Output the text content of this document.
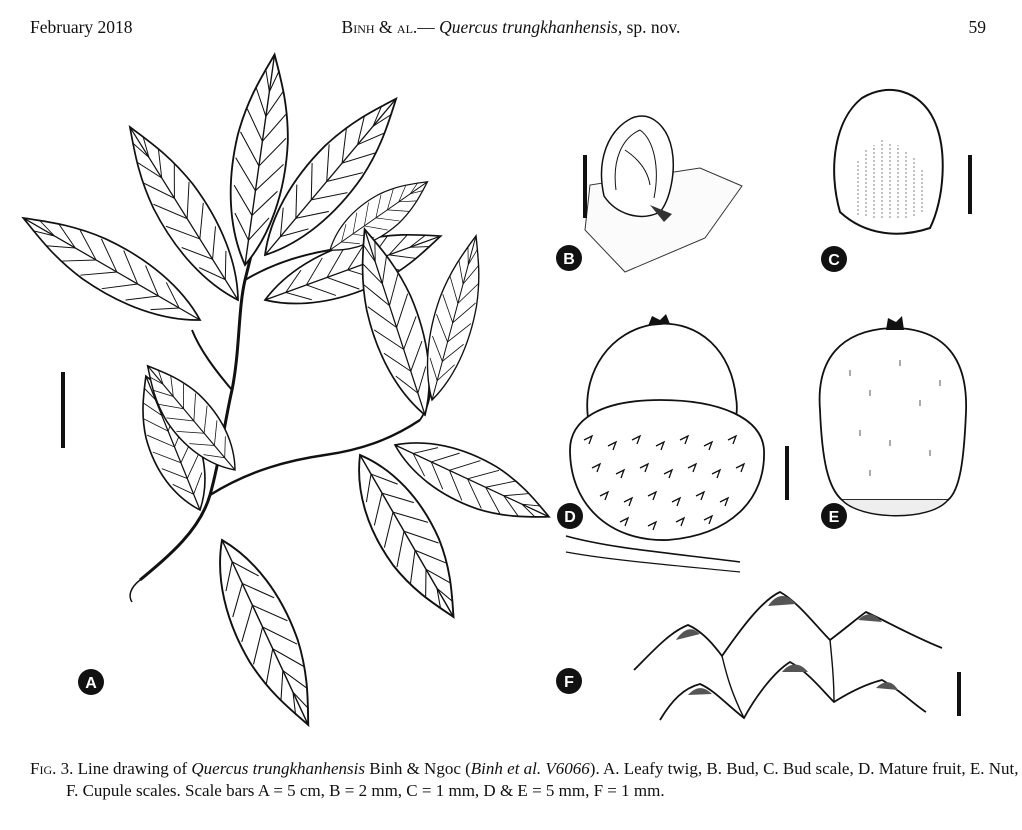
February 2018	Binh & al.— Quercus trungkhanhensis, sp. nov.	59
A
B	C
D	E
F
Fig. 3. Line drawing of Quercus trungkhanhensis Binh & Ngoc (Binh et al. V6066). A. Leafy twig, B. Bud, C. Bud scale, D. Mature fruit, E. Nut, F. Cupule scales. Scale bars A = 5 cm, B = 2 mm, C = 1 mm, D & E = 5 mm, F = 1 mm.
